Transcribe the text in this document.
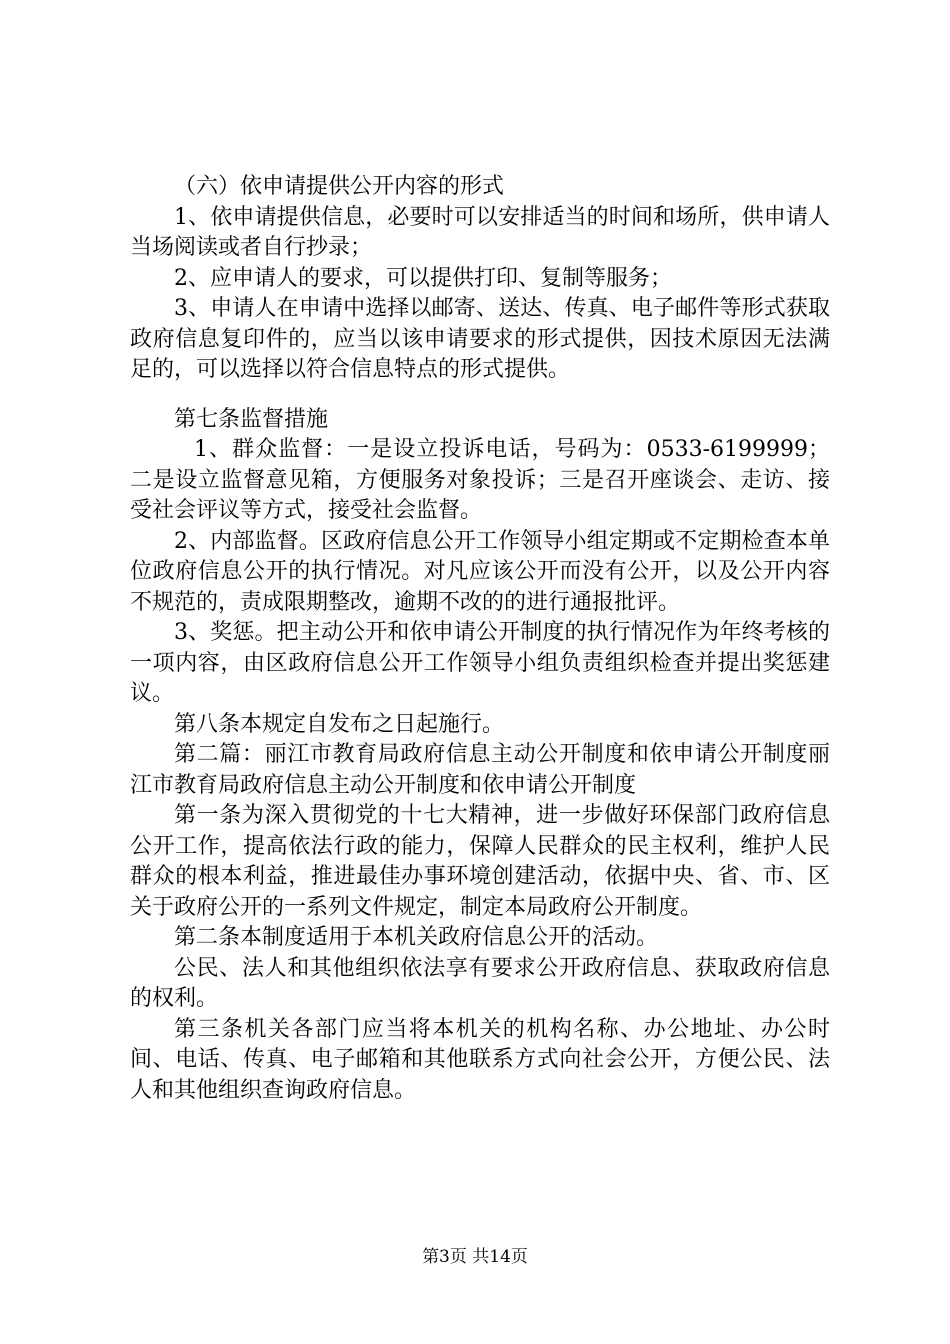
（六）依申请提供公开内容的形式

1、依申请提供信息，必要时可以安排适当的时间和场所，供申请人当场阅读或者自行抄录；

2、应申请人的要求，可以提供打印、复制等服务；

3、申请人在申请中选择以邮寄、送达、传真、电子邮件等形式获取政府信息复印件的，应当以该申请要求的形式提供，因技术原因无法满足的，可以选择以符合信息特点的形式提供。

第七条监督措施

1、群众监督：一是设立投诉电话，号码为：0533-6199999；二是设立监督意见箱，方便服务对象投诉；三是召开座谈会、走访、接受社会评议等方式，接受社会监督。

2、内部监督。区政府信息公开工作领导小组定期或不定期检查本单位政府信息公开的执行情况。对凡应该公开而没有公开，以及公开内容不规范的，责成限期整改，逾期不改的的进行通报批评。

3、奖惩。把主动公开和依申请公开制度的执行情况作为年终考核的一项内容，由区政府信息公开工作领导小组负责组织检查并提出奖惩建议。

第八条本规定自发布之日起施行。

第二篇：丽江市教育局政府信息主动公开制度和依申请公开制度丽江市教育局政府信息主动公开制度和依申请公开制度

第一条为深入贯彻党的十七大精神，进一步做好环保部门政府信息公开工作，提高依法行政的能力，保障人民群众的民主权利，维护人民群众的根本利益，推进最佳办事环境创建活动，依据中央、省、市、区关于政府公开的一系列文件规定，制定本局政府公开制度。

第二条本制度适用于本机关政府信息公开的活动。

公民、法人和其他组织依法享有要求公开政府信息、获取政府信息的权利。

第三条机关各部门应当将本机关的机构名称、办公地址、办公时间、电话、传真、电子邮箱和其他联系方式向社会公开，方便公民、法人和其他组织查询政府信息。

第3页 共14页
